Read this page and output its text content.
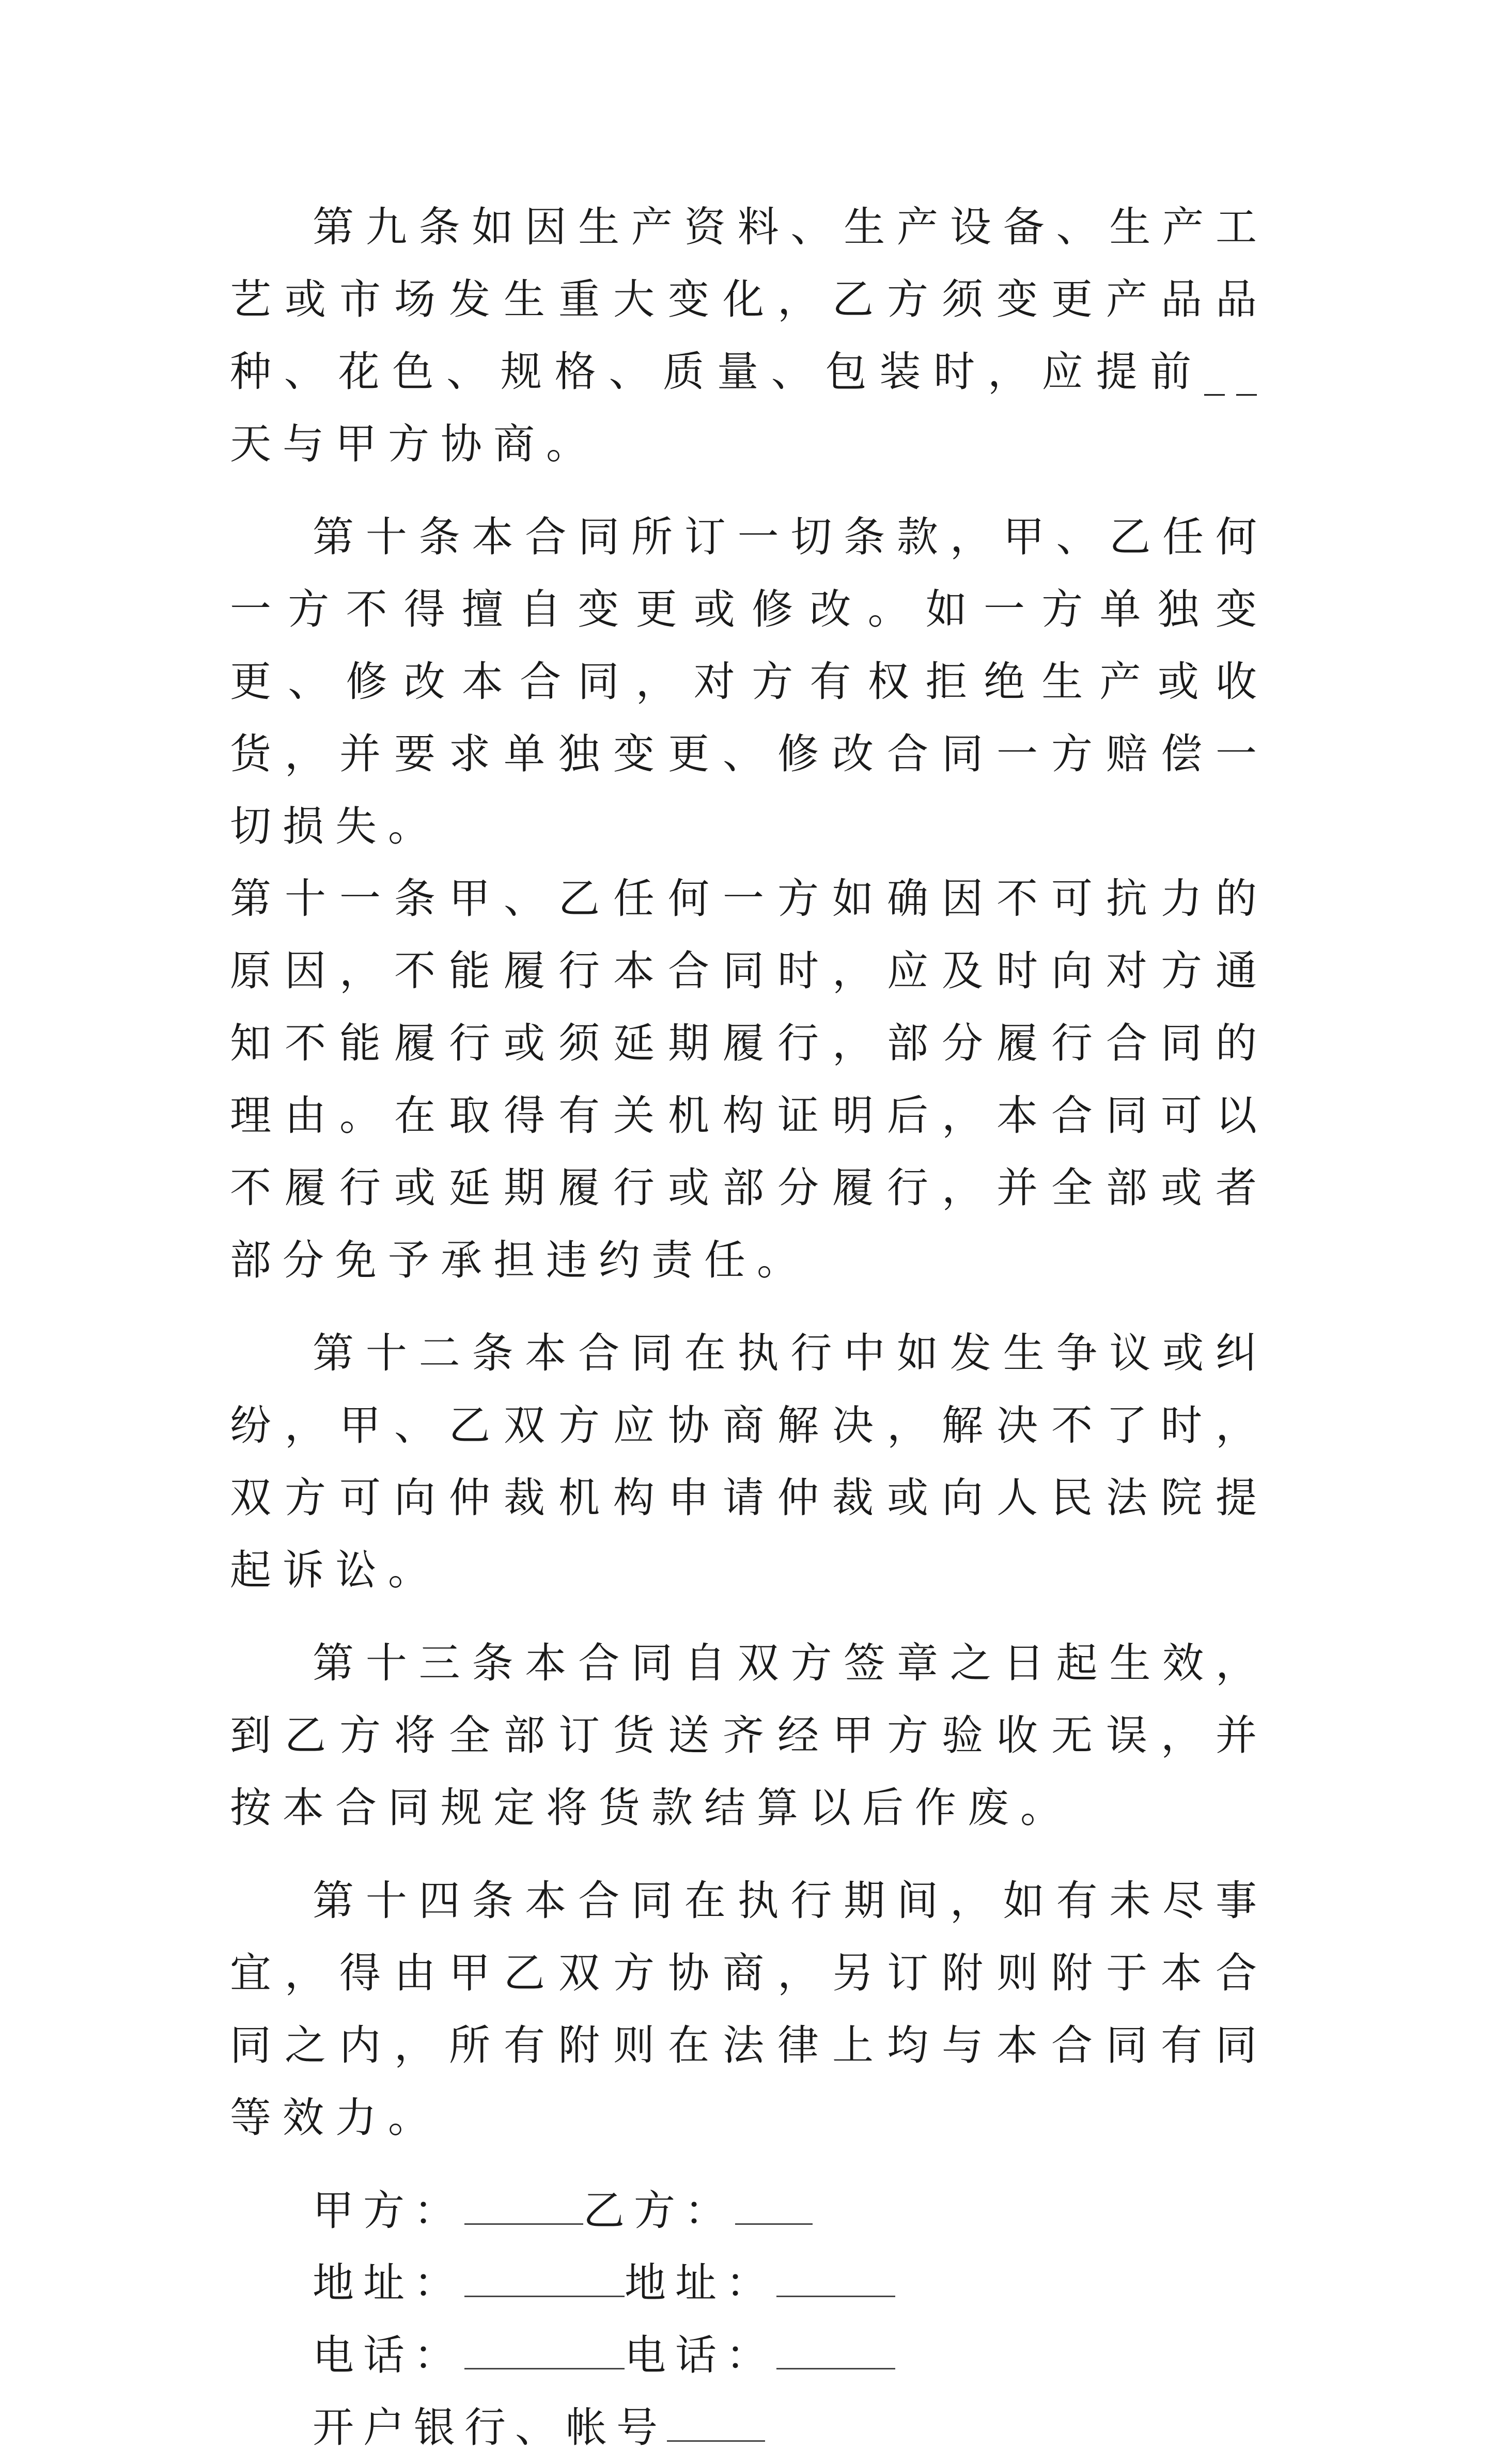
第九条如因生产资料、生产设备、生产工艺或市场发生重大变化，乙方须变更产品品种、花色、规格、质量、包装时，应提前__天与甲方协商。

第十条本合同所订一切条款，甲、乙任何一方不得擅自变更或修改。如一方单独变更、修改本合同，对方有权拒绝生产或收货，并要求单独变更、修改合同一方赔偿一切损失。

第十一条甲、乙任何一方如确因不可抗力的原因，不能履行本合同时，应及时向对方通知不能履行或须延期履行，部分履行合同的理由。在取得有关机构证明后，本合同可以不履行或延期履行或部分履行，并全部或者部分免予承担违约责任。

第十二条本合同在执行中如发生争议或纠纷，甲、乙双方应协商解决，解决不了时，双方可向仲裁机构申请仲裁或向人民法院提起诉讼。

第十三条本合同自双方签章之日起生效，到乙方将全部订货送齐经甲方验收无误，并按本合同规定将货款结算以后作废。

第十四条本合同在执行期间，如有未尽事宜，得由甲乙双方协商，另订附则附于本合同之内，所有附则在法律上均与本合同有同等效力。

甲方：	乙方：

地址：	地址：

电话：	电话：

开户银行、帐号
